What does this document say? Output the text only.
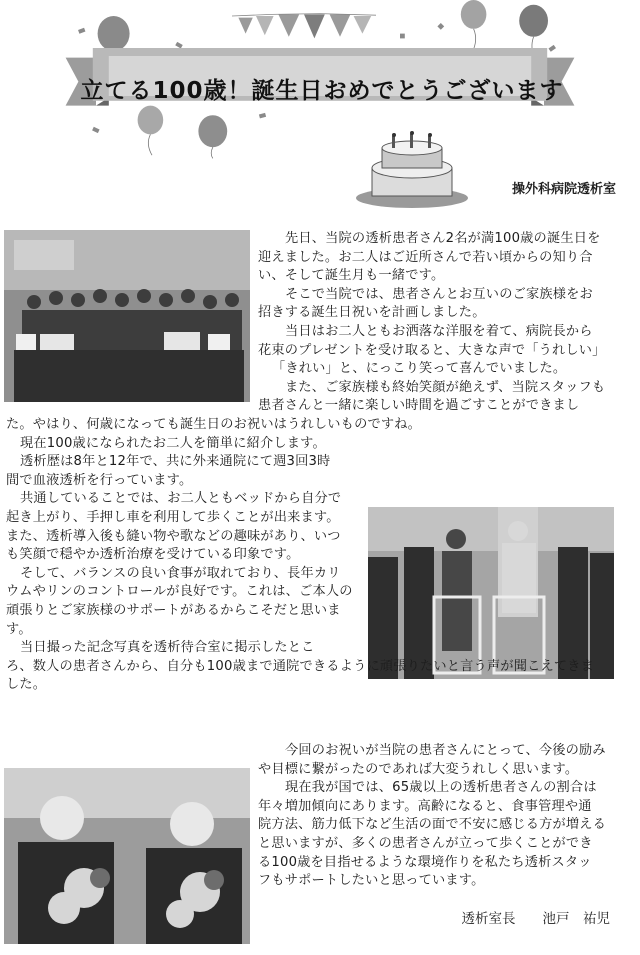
立てる100歳！誕生日おめでとうございます
操外科病院透析室

先日、当院の透析患者さん2名が満100歳の誕生日を

迎えました。お二人はご近所さんで若い頃からの知り合

い、そして誕生月も一緒です。

そこで当院では、患者さんとお互いのご家族様をお

招きする誕生日祝いを計画しました。

当日はお二人ともお洒落な洋服を着て、病院長から

花束のプレゼントを受け取ると、大きな声で「うれしい」

「きれい」と、にっこり笑って喜んでいました。

また、ご家族様も終始笑顔が絶えず、当院スタッフも

患者さんと一緒に楽しい時間を過ごすことができまし

た。やはり、何歳になっても誕生日のお祝いはうれしいものですね。

現在100歳になられたお二人を簡単に紹介します。

透析歴は8年と12年で、共に外来通院にて週3回3時

間で血液透析を行っています。

共通していることでは、お二人ともベッドから自分で

起き上がり、手押し車を利用して歩くことが出来ます。

また、透析導入後も縫い物や歌などの趣味があり、いつ

も笑顔で穏やか透析治療を受けている印象です。

そして、バランスの良い食事が取れており、長年カリ

ウムやリンのコントロールが良好です。これは、ご本人の

頑張りとご家族様のサポートがあるからこそだと思いま

す。

当日撮った記念写真を透析待合室に掲示したとこ

ろ、数人の患者さんから、自分も100歳まで通院できるように頑張りたいと言う声が聞こえてきま

した。

今回のお祝いが当院の患者さんにとって、今後の励み

や目標に繋がったのであれば大変うれしく思います。

現在我が国では、65歳以上の透析患者さんの割合は

年々増加傾向にあります。高齢になると、食事管理や通

院方法、筋力低下など生活の面で不安に感じる方が増える

と思いますが、多くの患者さんが立って歩くことができ

る100歳を目指せるような環境作りを私たち透析スタッ

フもサポートしたいと思っています。

透析室長　　池戸　祐児
